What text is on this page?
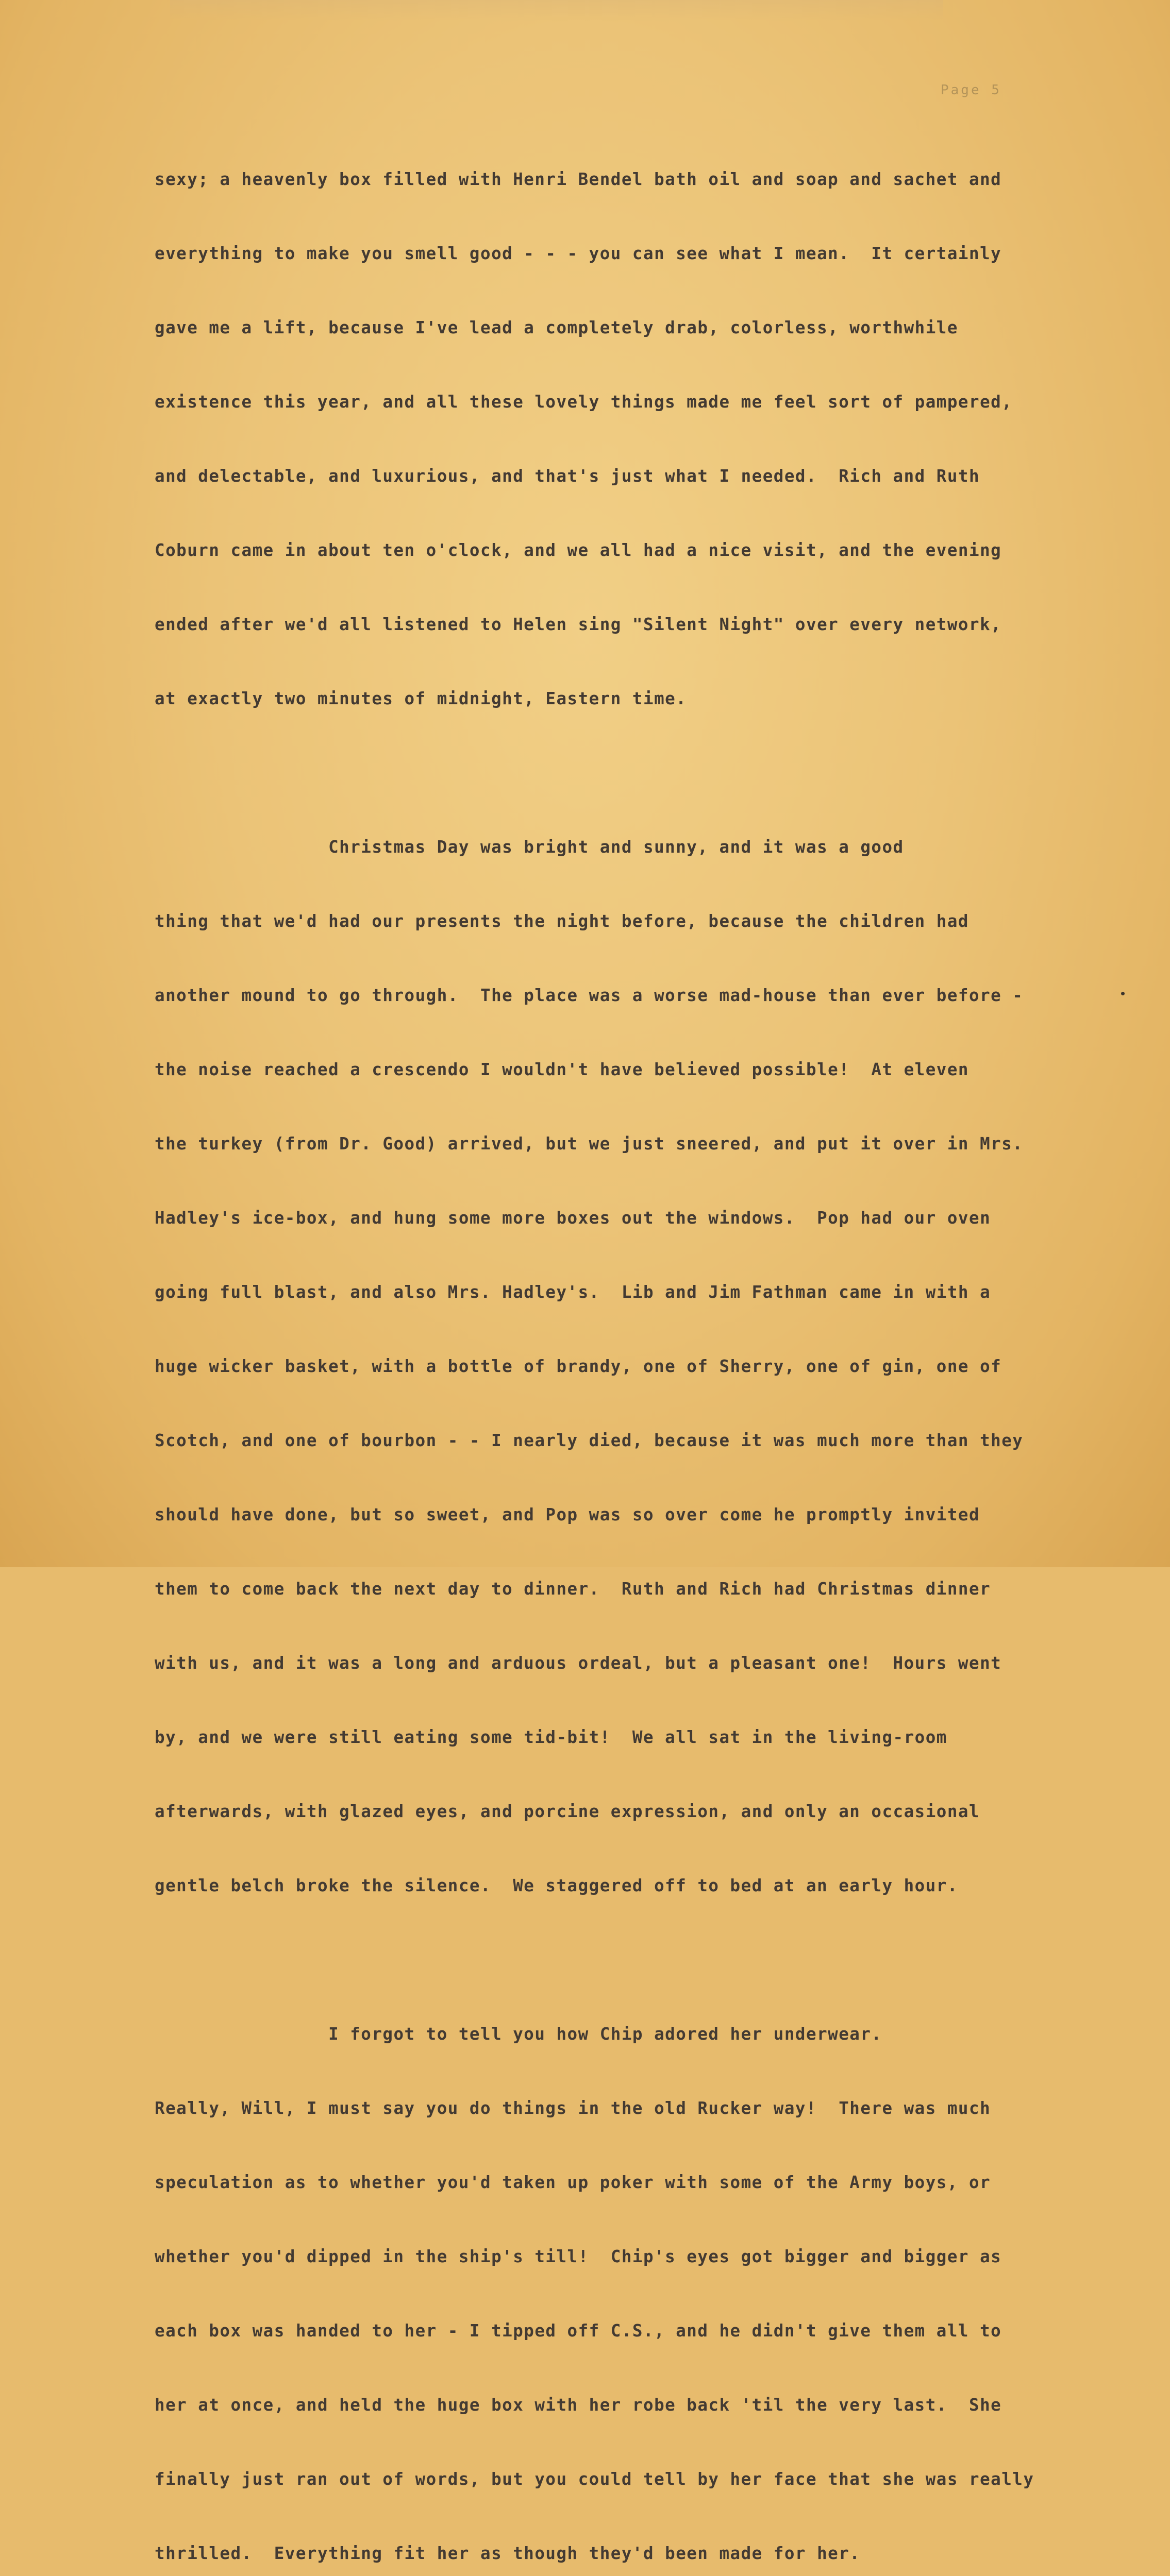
Page 5

sexy; a heavenly box filled with Henri Bendel bath oil and soap and sachet and

everything to make you smell good - - - you can see what I mean.  It certainly

gave me a lift, because I've lead a completely drab, colorless, worthwhile

existence this year, and all these lovely things made me feel sort of pampered,

and delectable, and luxurious, and that's just what I needed.  Rich and Ruth

Coburn came in about ten o'clock, and we all had a nice visit, and the evening

ended after we'd all listened to Helen sing "Silent Night" over every network,

at exactly two minutes of midnight, Eastern time.

Christmas Day was bright and sunny, and it was a good

thing that we'd had our presents the night before, because the children had

another mound to go through.  The place was a worse mad-house than ever before -

the noise reached a crescendo I wouldn't have believed possible!  At eleven

the turkey (from Dr. Good) arrived, but we just sneered, and put it over in Mrs.

Hadley's ice-box, and hung some more boxes out the windows.  Pop had our oven

going full blast, and also Mrs. Hadley's.  Lib and Jim Fathman came in with a

huge wicker basket, with a bottle of brandy, one of Sherry, one of gin, one of

Scotch, and one of bourbon - - I nearly died, because it was much more than they

should have done, but so sweet, and Pop was so over come he promptly invited

them to come back the next day to dinner.  Ruth and Rich had Christmas dinner

with us, and it was a long and arduous ordeal, but a pleasant one!  Hours went

by, and we were still eating some tid-bit!  We all sat in the living-room

afterwards, with glazed eyes, and porcine expression, and only an occasional

gentle belch broke the silence.  We staggered off to bed at an early hour.

I forgot to tell you how Chip adored her underwear.

Really, Will, I must say you do things in the old Rucker way!  There was much

speculation as to whether you'd taken up poker with some of the Army boys, or

whether you'd dipped in the ship's till!  Chip's eyes got bigger and bigger as

each box was handed to her - I tipped off C.S., and he didn't give them all to

her at once, and held the huge box with her robe back 'til the very last.  She

finally just ran out of words, but you could tell by her face that she was really

thrilled.  Everything fit her as though they'd been made for her.
